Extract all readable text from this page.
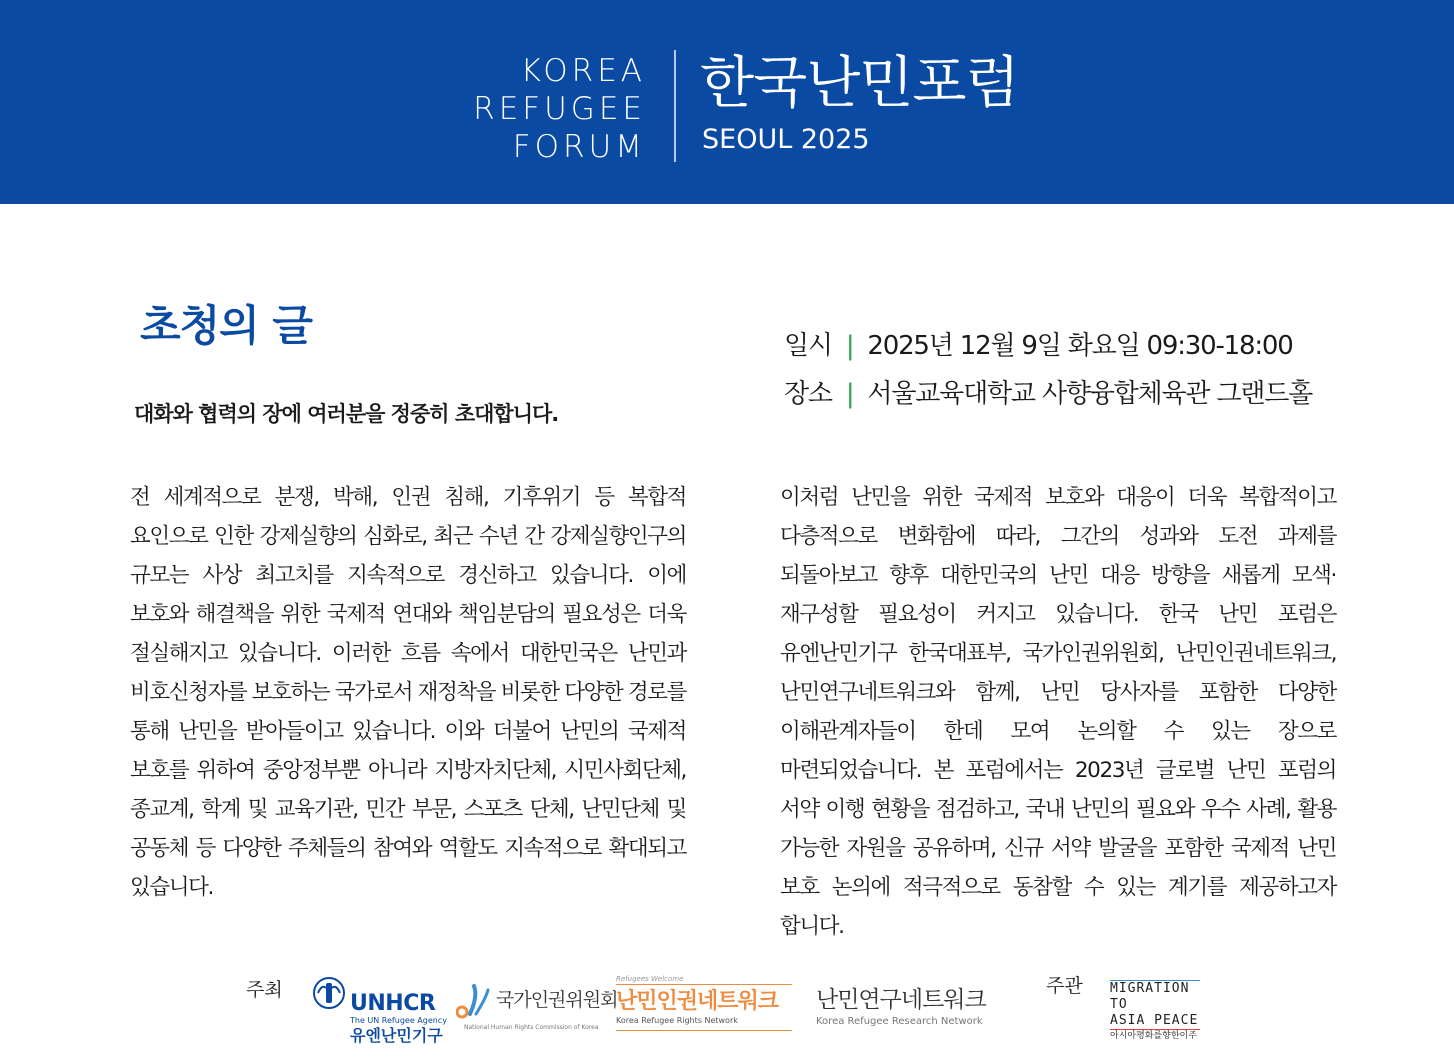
KOREA
REFUGEE
FORUM
한국난민포럼
SEOUL 2025
초청의 글
대화와 협력의 장에 여러분을 정중히 초대합니다.
일시 | 2025년 12월 9일 화요일 09:30-18:00
장소 | 서울교육대학교 사향융합체육관 그랜드홀
전 세계적으로 분쟁, 박해, 인권 침해, 기후위기 등 복합적 요인으로 인한 강제실향의 심화로, 최근 수년 간 강제실향인구의 규모는 사상 최고치를 지속적으로 경신하고 있습니다. 이에 보호와 해결책을 위한 국제적 연대와 책임분담의 필요성은 더욱 절실해지고 있습니다. 이러한 흐름 속에서 대한민국은 난민과 비호신청자를 보호하는 국가로서 재정착을 비롯한 다양한 경로를 통해 난민을 받아들이고 있습니다. 이와 더불어 난민의 국제적 보호를 위하여 중앙정부뿐 아니라 지방자치단체, 시민사회단체, 종교계, 학계 및 교육기관, 민간 부문, 스포츠 단체, 난민단체 및 공동체 등 다양한 주체들의 참여와 역할도 지속적으로 확대되고 있습니다.
이처럼 난민을 위한 국제적 보호와 대응이 더욱 복합적이고 다층적으로 변화함에 따라, 그간의 성과와 도전 과제를 되돌아보고 향후 대한민국의 난민 대응 방향을 새롭게 모색·재구성할 필요성이 커지고 있습니다. 한국 난민 포럼은 유엔난민기구 한국대표부, 국가인권위원회, 난민인권네트워크, 난민연구네트워크와 함께, 난민 당사자를 포함한 다양한 이해관계자들이 한데 모여 논의할 수 있는 장으로 마련되었습니다. 본 포럼에서는 2023년 글로벌 난민 포럼의 서약 이행 현황을 점검하고, 국내 난민의 필요와 우수 사례, 활용 가능한 자원을 공유하며, 신규 서약 발굴을 포함한 국제적 난민 보호 논의에 적극적으로 동참할 수 있는 계기를 제공하고자 합니다.
주최
UNHCR
The UN Refugee Agency
유엔난민기구
국가인권위원회
National Human Rights Commission of Korea
Refugees Welcome
난민인권네트워크
Korea Refugee Rights Network
난민연구네트워크
Korea Refugee Research Network
주관 MIGRATION
TO
ASIA PEACE
아시아평화를향한이주
